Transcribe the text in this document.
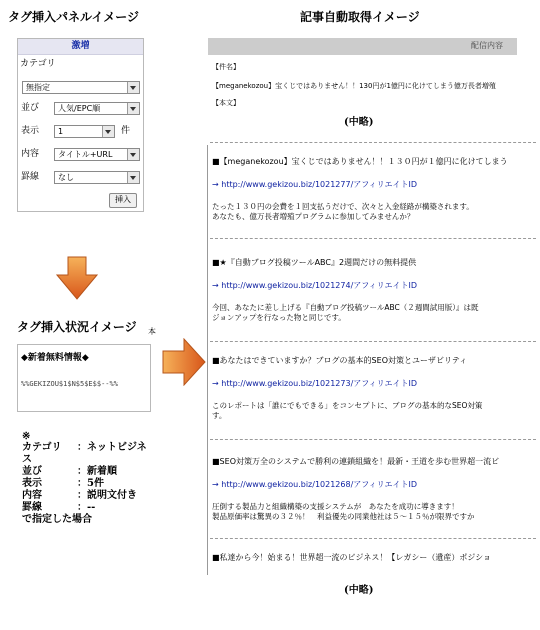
タグ挿入パネルイメージ
激増
カテゴリ
無指定
並び 人気/EPC順
表示 1	件
内容 タイトル+URL
罫線 なし
挿入
タグ挿入状況イメージ 本
◆新着無料情報◆
%%GEKIZOU$1$N$5$E$$--%%
※
カテゴリ	：ネットビジネ
ス
並び	：新着順
表示	：5件
内容	：説明文付き
罫線	：--
で指定した場合
記事自動取得イメージ
配信内容
【件名】
【meganekozou】宝くじではありません！！130円が1億円に化けてしまう億万長者増殖
【本文】
(中略)
■【meganekozou】宝くじではありません！！１３０円が１億円に化けてしまう
→ http://www.gekizou.biz/1021277/アフィリエイトID
たった１３０円の会費を１回支払うだけで、次々と入金経路が構築されます。
あなたも、億万長者増殖プログラムに参加してみませんか？
■★『自動ブログ投稿ツールABC』2週間だけの無料提供
→ http://www.gekizou.biz/1021274/アフィリエイトID
今回、あなたに差し上げる『自動ブログ投稿ツールABC（２週間試用版）』は既
ジョンアップを行なった物と同じです。
■あなたはできていますか？ブログの基本的SEO対策とユーザビリティ
→ http://www.gekizou.biz/1021273/アフィリエイトID
このレポートは「誰にでもできる」をコンセプトに、ブログの基本的なSEO対策
す。
■SEO対策万全のシステムで勝利の連鎖組織を！最新・王道を歩む世界超一流ビ
→ http://www.gekizou.biz/1021268/アフィリエイトID
圧倒する製品力と組織構築の支援システムが　あなたを成功に導きます！
製品原価率は驚異の３２％！　利益優先の同業他社は５～１５％が限界ですか
■私達から今！始まる！世界超一流のビジネス！【レガシー（遺産）ポジショ
(中略)
